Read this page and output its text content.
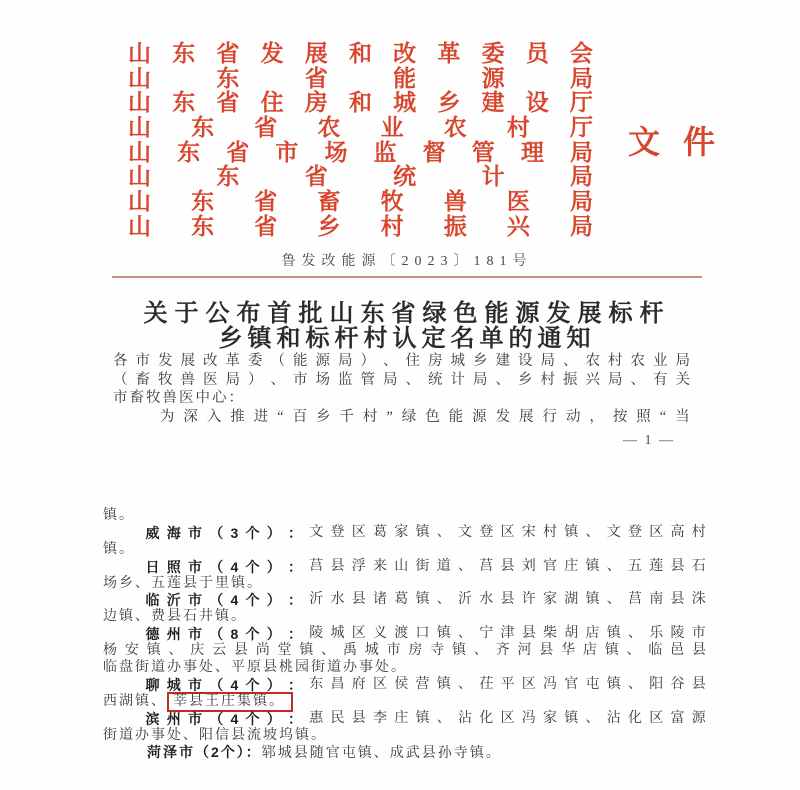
山 东 省 发 展 和 改 革 委 员 会
山	东	省	能	源	局
山 东 省 住 房 和 城 乡 建 设 厅
山 东 省 农 业 农 村 厅
山 东 省 市 场 监 督 管 理 局
山	东	省	统	计	局
山 东 省 畜 牧 兽 医 局
山 东 省 乡 村 振 兴 局
文 件
鲁发改能源〔2023〕181号
关于公布首批山东省绿色能源发展标杆
乡镇和标杆村认定名单的通知
各 市 发 展 改 革 委 （ 能 源 局 ） 、 住 房 城 乡 建 设 局 、 农 村 农 业 局
（ 畜 牧 兽 医 局 ） 、 市 场 监 管 局 、 统 计 局 、 乡 村 振 兴 局 、 有 关
市畜牧兽医中心：

为 深 入 推 进 “ 百 乡 千 村 ” 绿 色 能 源 发 展 行 动 ， 按 照 “ 当
— 1 —
镇。

威 海 市 （ 3 个 ） ： 文 登 区 葛 家 镇 、 文 登 区 宋 村 镇 、 文 登 区 高 村
镇。

日 照 市 （ 4 个 ） ： 莒 县 浮 来 山 街 道 、 莒 县 刘 官 庄 镇 、 五 莲 县 石
场乡、五莲县于里镇。

临 沂 市 （ 4 个 ） ： 沂 水 县 诸 葛 镇 、 沂 水 县 许 家 湖 镇 、 莒 南 县 洙
边镇、费县石井镇。

德 州 市 （ 8 个 ） ： 陵 城 区 义 渡 口 镇 、 宁 津 县 柴 胡 店 镇 、 乐 陵 市
杨 安 镇 、 庆 云 县 尚 堂 镇 、 禹 城 市 房 寺 镇 、 齐 河 县 华 店 镇 、 临 邑 县
临盘街道办事处、平原县桃园街道办事处。

聊 城 市 （ 4 个 ） ： 东 昌 府 区 侯 营 镇 、 茌 平 区 冯 官 屯 镇 、 阳 谷 县
西湖镇、 莘县王庄集镇。

滨 州 市 （ 4 个 ） ： 惠 民 县 李 庄 镇 、 沾 化 区 冯 家 镇 、 沾 化 区 富 源
街道办事处、阳信县流坡坞镇。
菏泽市（2个）：郓城县随官屯镇、成武县孙寺镇。
